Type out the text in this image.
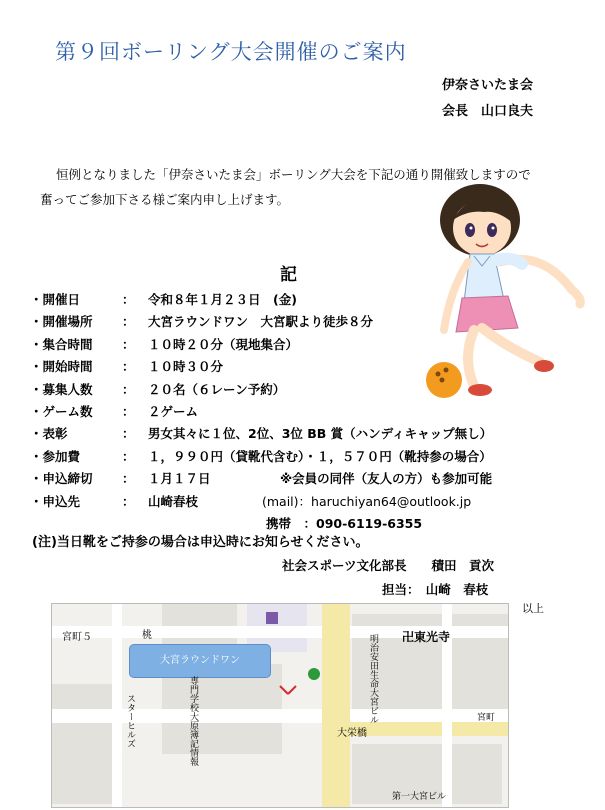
第９回ボーリング大会開催のご案内
伊奈さいたま会
会長　山口良夫
恒例となりました「伊奈さいたま会」ボーリング大会を下記の通り開催致しますので
奮ってご参加下さる様ご案内申し上げます。
記
・開催日	： 令和８年１月２３日　(金)
・開催場所 ： 大宮ラウンドワン　大宮駅より徒歩８分
・集合時間 ： １０時２０分（現地集合）
・開始時間 ： １０時３０分
・募集人数 ： ２０名（６レーン予約）
・ゲーム数 ： ２ゲーム
・表彰	： 男女其々に１位、2位、3位 BB 賞（ハンディキャップ無し）
・参加費	： １，９９０円（貸靴代含む）・１，５７０円（靴持参の場合）
・申込締切 ： １月１７日	※会員の同伴（友人の方）も参加可能
・申込先	： 山崎春枝	(mail)：haruchiyan64@outlook.jp
携帯　：090-6119-6355
(注)当日靴をご持参の場合は申込時にお知らせください。
社会スポーツ文化部長　　積田　貢次
担当：　山崎　春枝
以上
大宮ラウンドワン
宮町５	桃	明治安田生命大宮ビル 卍東光寺
専門学校大原簿記情報
スターヒルズ	大栄橋
第一大宮ビル
宮町
